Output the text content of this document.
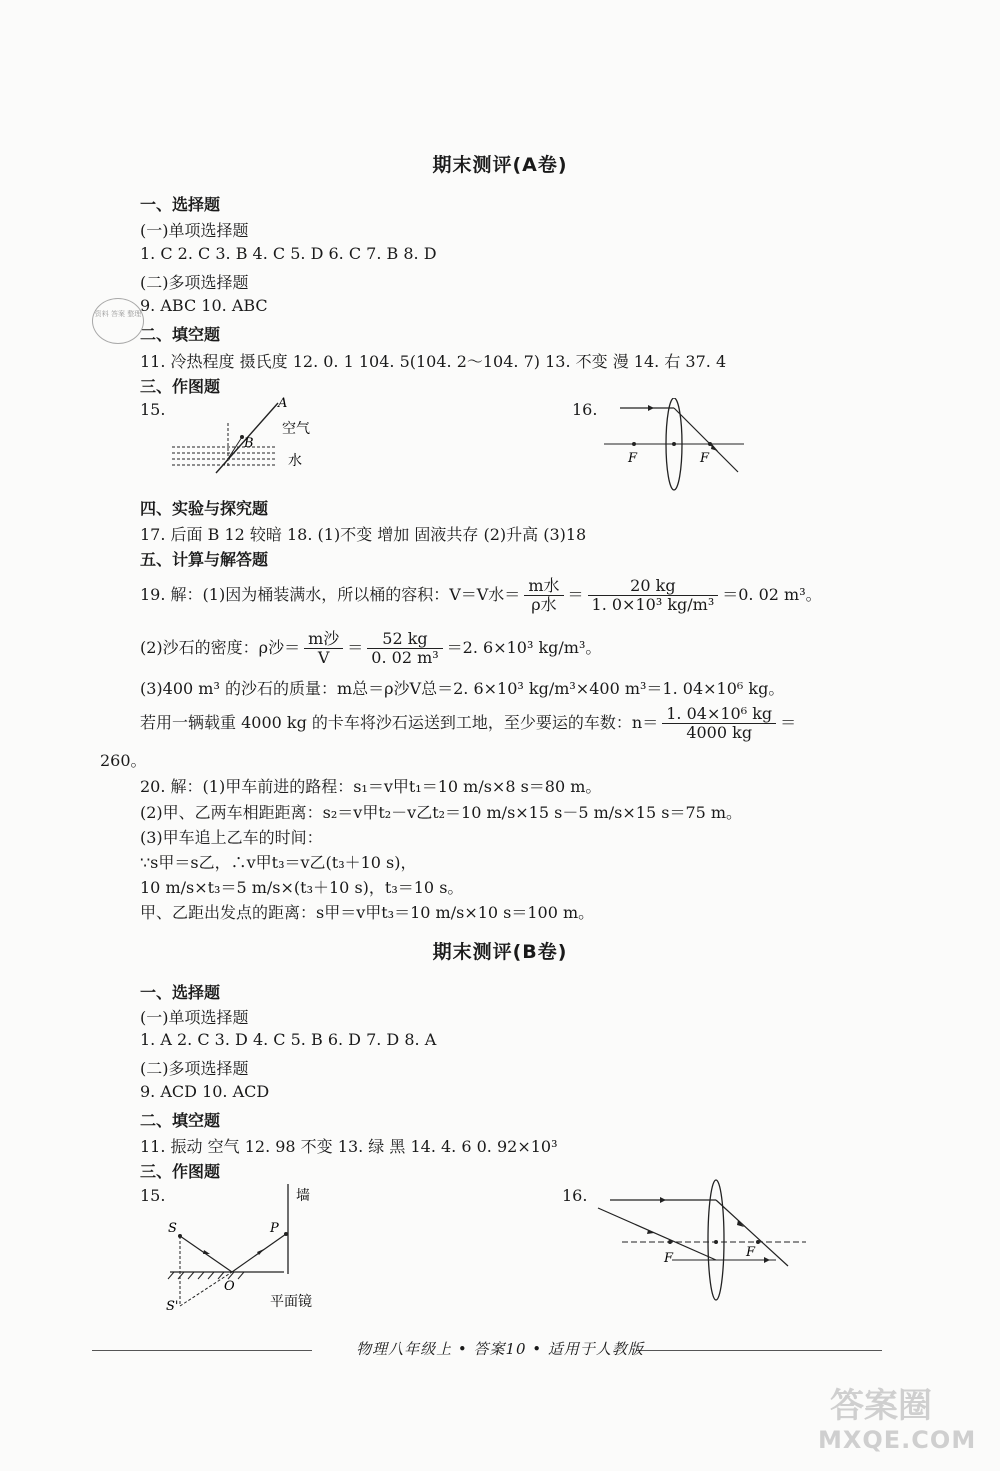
期末测评(A卷)
一、选择题
(一)单项选择题
1. C 2. C 3. B 4. C 5. D 6. C 7. B 8. D
(二)多项选择题
9. ABC 10. ABC
二、填空题
11. 冷热程度 摄氏度 12. 0. 1 104. 5(104. 2～104. 7) 13. 不变 漫 14. 右 37. 4
三、作图题
15.	A
B
空气
水
16.
F	F
四、实验与探究题
17. 后面 B 12 较暗 18. (1)不变 增加 固液共存 (2)升高 (3)18
五、计算与解答题
19. 解：(1)因为桶装满水，所以桶的容积：V＝V水＝ $\frac{\text{m水}}{\text{ρ水}} = \frac{20 kg}{\text{1. 0×10³ kg/m³}} =0$. 02 m³。
(2)沙石的密度：ρ沙＝ $\frac{\text{m沙}}{V} = \frac{52 kg}{\text{0. 02 m³}} =2$. 6×10³ kg/m³。
(3)400 m³ 的沙石的质量：m总＝ρ沙V总＝2. 6×10³ kg/m³×400 m³＝1. 04×10⁶ kg。
若用一辆载重 4000 kg 的卡车将沙石运送到工地，至少要运的车数：$n= \frac{\text{1. 04×10⁶ kg}}{4000 kg}$ ＝
260。
20. 解：(1)甲车前进的路程：s₁＝v甲t₁＝10 m/s×8 s＝80 m。
(2)甲、乙两车相距距离：s₂＝v甲t₂－v乙t₂＝10 m/s×15 s－5 m/s×15 s＝75 m。
(3)甲车追上乙车的时间：
∵s甲＝s乙，∴v甲t₃＝v乙(t₃＋10 s)，
10 m/s×t₃＝5 m/s×(t₃＋10 s)，t₃＝10 s。
甲、乙距出发点的距离：s甲＝v甲t₃＝10 m/s×10 s＝100 m。
期末测评(B卷)
一、选择题
(一)单项选择题
1. A 2. C 3. D 4. C 5. B 6. D 7. D 8. A
(二)多项选择题
9. ACD 10. ACD
二、填空题
11. 振动 空气 12. 98 不变 13. 绿 黑 14. 4. 6 0. 92×10³
三、作图题
15.	墙
S	P
O
S'	平面镜
16.
F	F
资料 答案 整理
物理八年级上 • 答案10 • 适用于人教版
答案圈
MXQE.COM
